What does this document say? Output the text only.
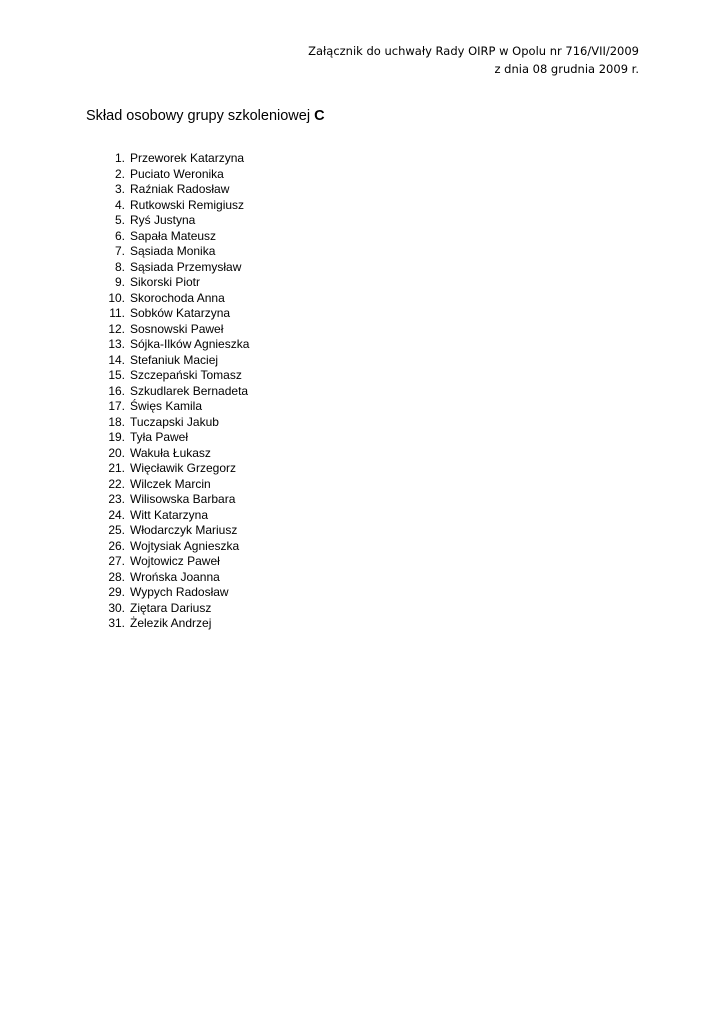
Załącznik do uchwały Rady OIRP w Opolu nr 716/VII/2009
z dnia 08 grudnia 2009 r.
Skład osobowy grupy szkoleniowej C
1. Przeworek Katarzyna
2. Puciato Weronika
3. Raźniak Radosław
4. Rutkowski Remigiusz
5. Ryś Justyna
6. Sapała Mateusz
7. Sąsiada Monika
8. Sąsiada Przemysław
9. Sikorski Piotr
10. Skorochoda Anna
11. Sobków Katarzyna
12. Sosnowski Paweł
13. Sójka-Ilków Agnieszka
14. Stefaniuk Maciej
15. Szczepański Tomasz
16. Szkudlarek Bernadeta
17. Święs Kamila
18. Tuczapski Jakub
19. Tyła Paweł
20. Wakuła Łukasz
21. Więcławik Grzegorz
22. Wilczek Marcin
23. Wilisowska Barbara
24. Witt Katarzyna
25. Włodarczyk Mariusz
26. Wojtysiak Agnieszka
27. Wojtowicz Paweł
28. Wrońska Joanna
29. Wypych Radosław
30. Ziętara Dariusz
31. Żelezik Andrzej
